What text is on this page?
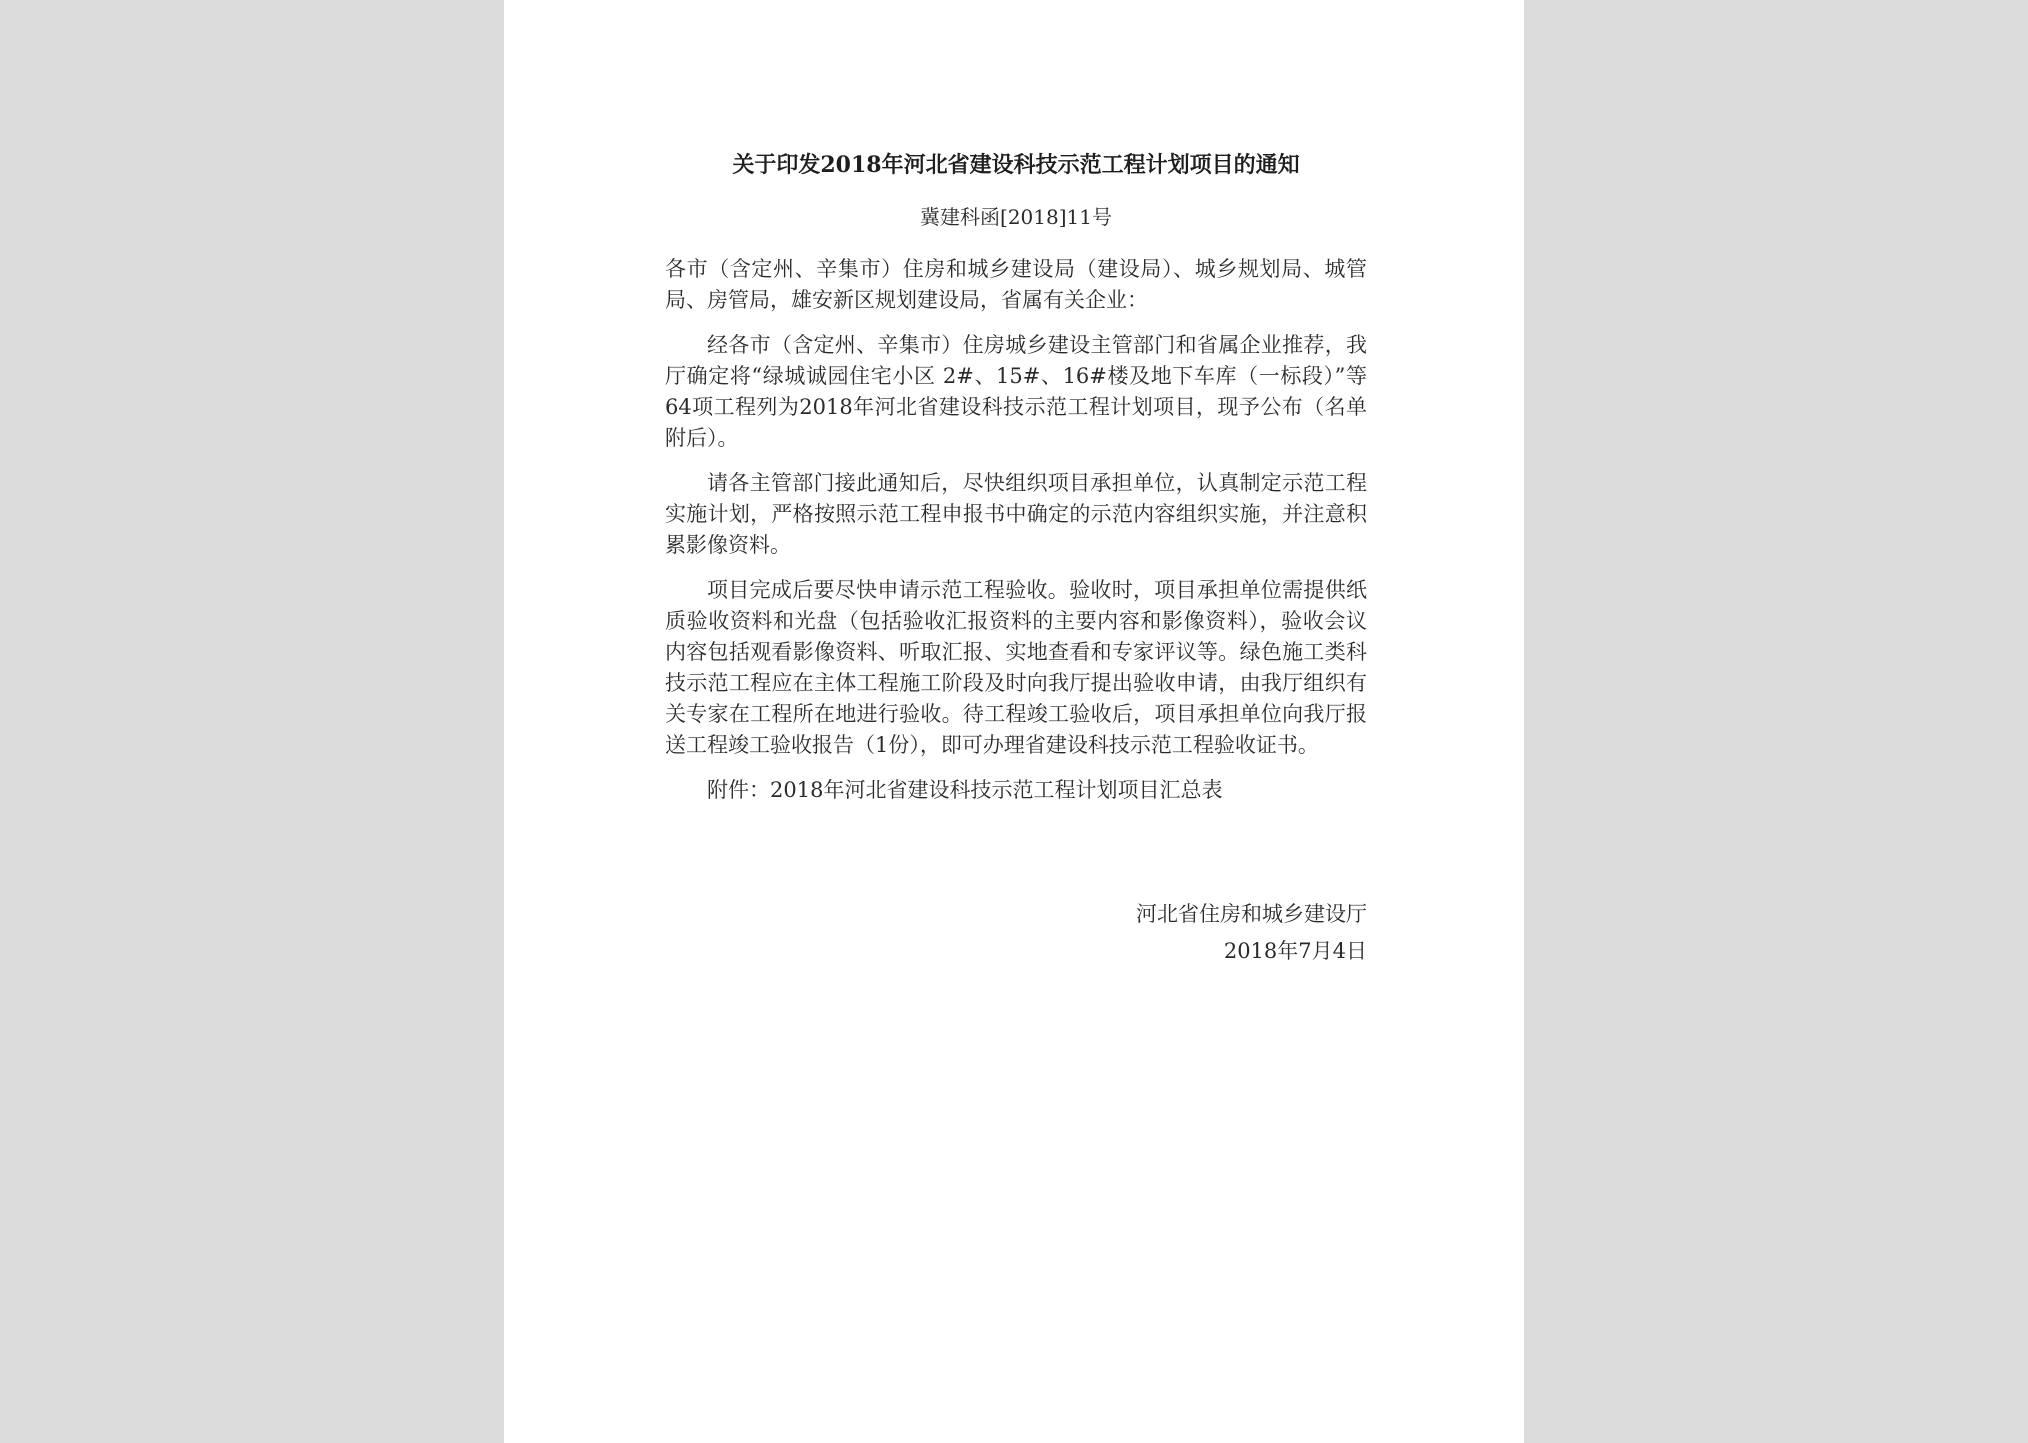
关于印发2018年河北省建设科技示范工程计划项目的通知
冀建科函[2018]11号

各市（含定州、辛集市）住房和城乡建设局（建设局）、城乡规划局、城管局、房管局，雄安新区规划建设局，省属有关企业：

经各市（含定州、辛集市）住房城乡建设主管部门和省属企业推荐，我厅确定将“绿城诚园住宅小区 2#、15#、16#楼及地下车库（一标段）”等64项工程列为2018年河北省建设科技示范工程计划项目，现予公布（名单附后）。

请各主管部门接此通知后，尽快组织项目承担单位，认真制定示范工程实施计划，严格按照示范工程申报书中确定的示范内容组织实施，并注意积累影像资料。

项目完成后要尽快申请示范工程验收。验收时，项目承担单位需提供纸质验收资料和光盘（包括验收汇报资料的主要内容和影像资料），验收会议内容包括观看影像资料、听取汇报、实地查看和专家评议等。绿色施工类科技示范工程应在主体工程施工阶段及时向我厅提出验收申请，由我厅组织有关专家在工程所在地进行验收。待工程竣工验收后，项目承担单位向我厅报送工程竣工验收报告（1份），即可办理省建设科技示范工程验收证书。

附件：2018年河北省建设科技示范工程计划项目汇总表

河北省住房和城乡建设厅
2018年7月4日
